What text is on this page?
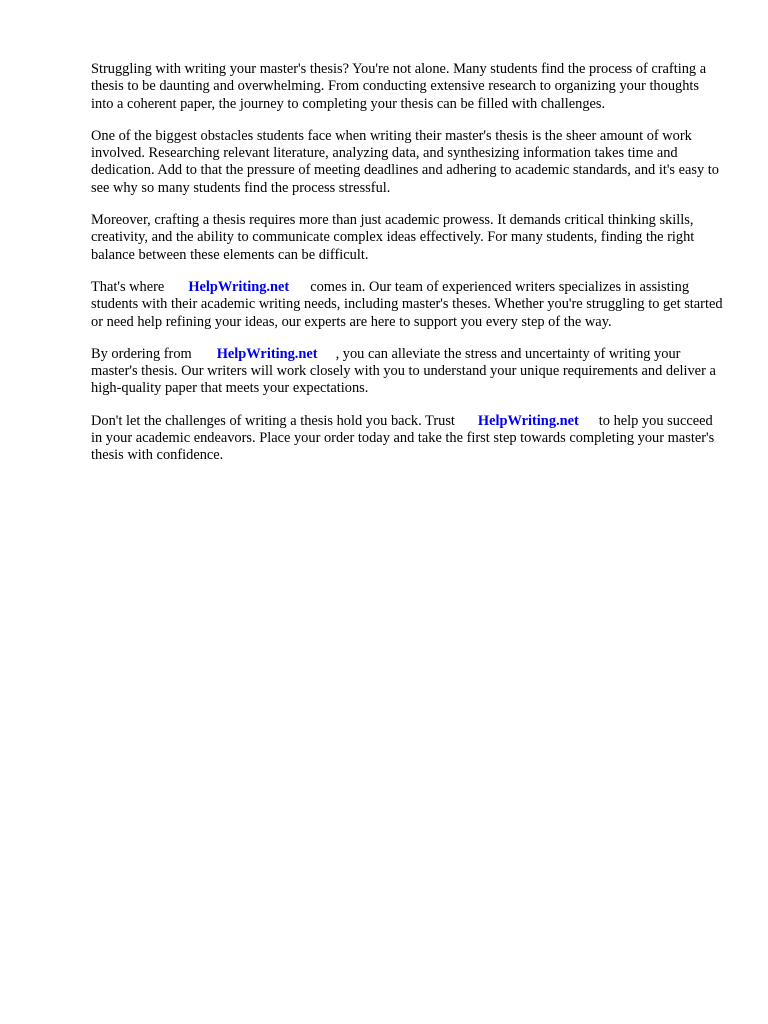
Struggling with writing your master's thesis? You're not alone. Many students find the process of crafting a thesis to be daunting and overwhelming. From conducting extensive research to organizing your thoughts into a coherent paper, the journey to completing your thesis can be filled with challenges.

One of the biggest obstacles students face when writing their master's thesis is the sheer amount of work involved. Researching relevant literature, analyzing data, and synthesizing information takes time and dedication. Add to that the pressure of meeting deadlines and adhering to academic standards, and it's easy to see why so many students find the process stressful.

Moreover, crafting a thesis requires more than just academic prowess. It demands critical thinking skills, creativity, and the ability to communicate complex ideas effectively. For many students, finding the right balance between these elements can be difficult.

That's where HelpWriting.net comes in. Our team of experienced writers specializes in assisting students with their academic writing needs, including master's theses. Whether you're struggling to get started or need help refining your ideas, our experts are here to support you every step of the way.

By ordering from HelpWriting.net , you can alleviate the stress and uncertainty of writing your master's thesis. Our writers will work closely with you to understand your unique requirements and deliver a high-quality paper that meets your expectations.

Don't let the challenges of writing a thesis hold you back. Trust HelpWriting.net to help you succeed in your academic endeavors. Place your order today and take the first step towards completing your master's thesis with confidence.
